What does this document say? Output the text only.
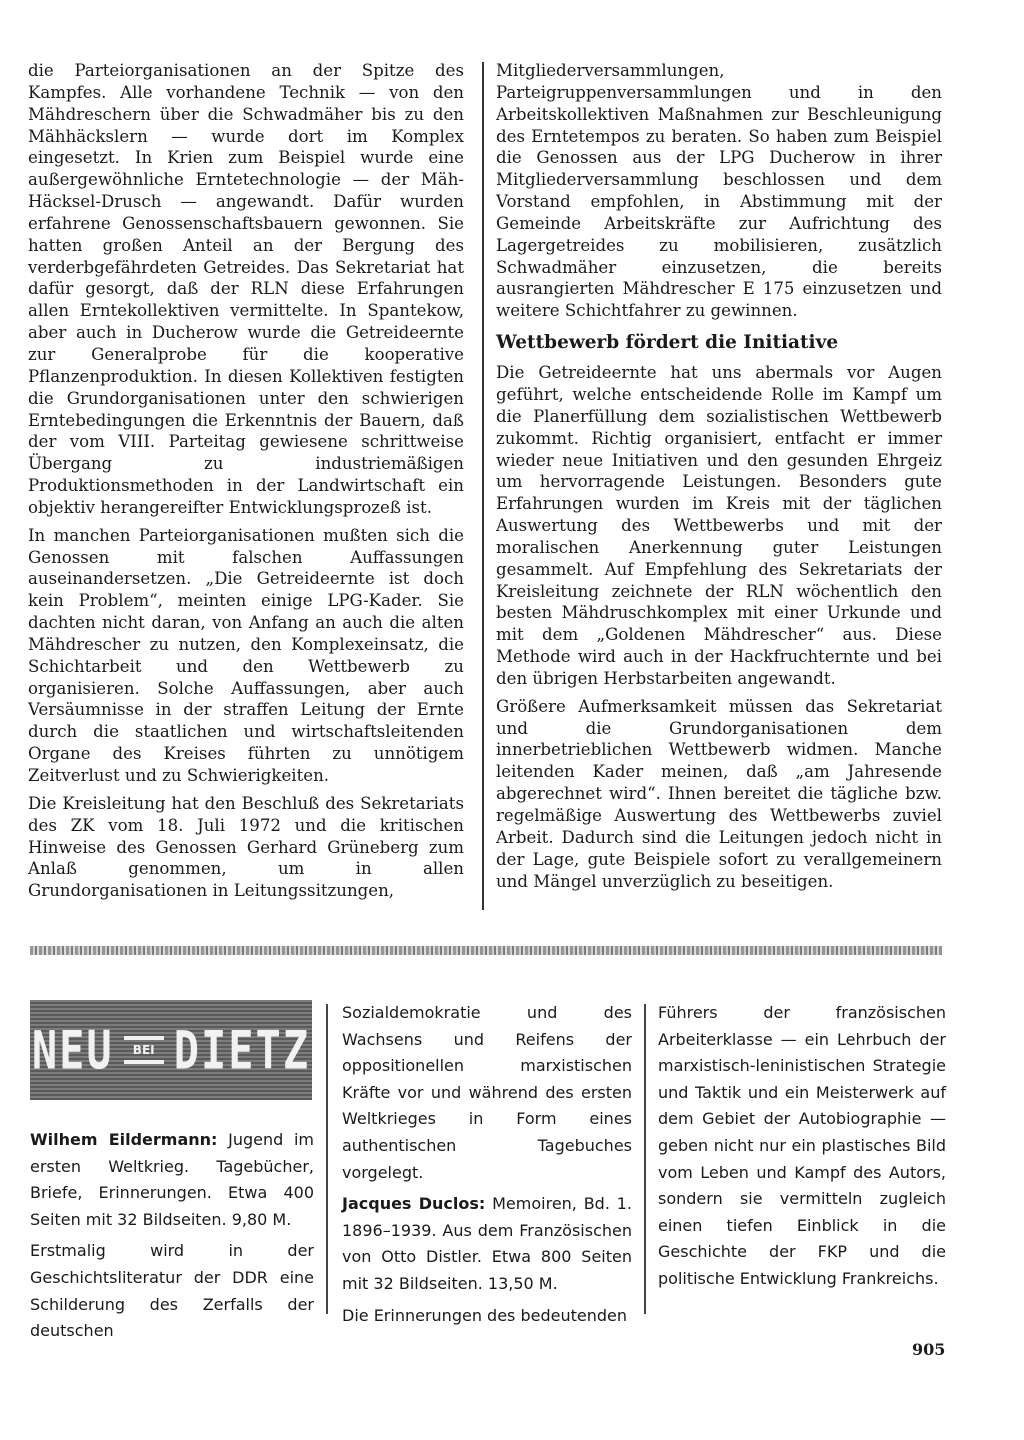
die Parteiorganisationen an der Spitze des Kampfes. Alle vorhandene Technik — von den Mähdreschern über die Schwadmäher bis zu den Mähhäckslern — wurde dort im Komplex eingesetzt. In Krien zum Beispiel wurde eine außergewöhnliche Erntetechnologie — der Mäh-Häcksel-Drusch — angewandt. Dafür wurden erfahrene Genossenschaftsbauern gewonnen. Sie hatten großen Anteil an der Bergung des verderbgefährdeten Getreides. Das Sekretariat hat dafür gesorgt, daß der RLN diese Erfahrungen allen Erntekollektiven vermittelte. In Spantekow, aber auch in Ducherow wurde die Getreideernte zur Generalprobe für die kooperative Pflanzenproduktion. In diesen Kollektiven festigten die Grundorganisationen unter den schwierigen Erntebedingungen die Erkenntnis der Bauern, daß der vom VIII. Parteitag gewiesene schrittweise Übergang zu industriemäßigen Produktionsmethoden in der Landwirtschaft ein objektiv herangereifter Entwicklungsprozeß ist.

In manchen Parteiorganisationen mußten sich die Genossen mit falschen Auffassungen auseinandersetzen. „Die Getreideernte ist doch kein Problem“, meinten einige LPG-Kader. Sie dachten nicht daran, von Anfang an auch die alten Mähdrescher zu nutzen, den Komplexeinsatz, die Schichtarbeit und den Wettbewerb zu organisieren. Solche Auffassungen, aber auch Versäumnisse in der straffen Leitung der Ernte durch die staatlichen und wirtschaftsleitenden Organe des Kreises führten zu unnötigem Zeitverlust und zu Schwierigkeiten.

Die Kreisleitung hat den Beschluß des Sekretariats des ZK vom 18. Juli 1972 und die kritischen Hinweise des Genossen Gerhard Grüneberg zum Anlaß genommen, um in allen Grundorganisationen in Leitungssitzungen,

Mitgliederversammlungen, Parteigruppenversammlungen und in den Arbeitskollektiven Maßnahmen zur Beschleunigung des Erntetempos zu beraten. So haben zum Beispiel die Genossen aus der LPG Ducherow in ihrer Mitgliederversammlung beschlossen und dem Vorstand empfohlen, in Abstimmung mit der Gemeinde Arbeitskräfte zur Aufrichtung des Lagergetreides zu mobilisieren, zusätzlich Schwadmäher einzusetzen, die bereits ausrangierten Mähdrescher E 175 einzusetzen und weitere Schichtfahrer zu gewinnen.

Wettbewerb fördert die Initiative

Die Getreideernte hat uns abermals vor Augen geführt, welche entscheidende Rolle im Kampf um die Planerfüllung dem sozialistischen Wettbewerb zukommt. Richtig organisiert, entfacht er immer wieder neue Initiativen und den gesunden Ehrgeiz um hervorragende Leistungen. Besonders gute Erfahrungen wurden im Kreis mit der täglichen Auswertung des Wettbewerbs und mit der moralischen Anerkennung guter Leistungen gesammelt. Auf Empfehlung des Sekretariats der Kreisleitung zeichnete der RLN wöchentlich den besten Mähdruschkomplex mit einer Urkunde und mit dem „Goldenen Mähdrescher“ aus. Diese Methode wird auch in der Hackfruchternte und bei den übrigen Herbstarbeiten angewandt.

Größere Aufmerksamkeit müssen das Sekretariat und die Grundorganisationen dem innerbetrieblichen Wettbewerb widmen. Manche leitenden Kader meinen, daß „am Jahresende abgerechnet wird“. Ihnen bereitet die tägliche bzw. regelmäßige Auswertung des Wettbewerbs zuviel Arbeit. Dadurch sind die Leitungen jedoch nicht in der Lage, gute Beispiele sofort zu verallgemeinern und Mängel unverzüglich zu beseitigen.

NEU BEI DIETZ

Wilhem Eildermann: Jugend im ersten Weltkrieg. Tagebücher, Briefe, Erinnerungen. Etwa 400 Seiten mit 32 Bildseiten. 9,80 M.

Erstmalig wird in der Geschichtsliteratur der DDR eine Schilderung des Zerfalls der deutschen

Sozialdemokratie und des Wachsens und Reifens der oppositionellen marxistischen Kräfte vor und während des ersten Weltkrieges in Form eines authentischen Tagebuches vorgelegt.

Jacques Duclos: Memoiren, Bd. 1. 1896–1939. Aus dem Französischen von Otto Distler. Etwa 800 Seiten mit 32 Bildseiten. 13,50 M.

Die Erinnerungen des bedeutenden

Führers der französischen Arbeiterklasse — ein Lehrbuch der marxistisch-leninistischen Strategie und Taktik und ein Meisterwerk auf dem Gebiet der Autobiographie — geben nicht nur ein plastisches Bild vom Leben und Kampf des Autors, sondern sie vermitteln zugleich einen tiefen Einblick in die Geschichte der FKP und die politische Entwicklung Frankreichs.

905
